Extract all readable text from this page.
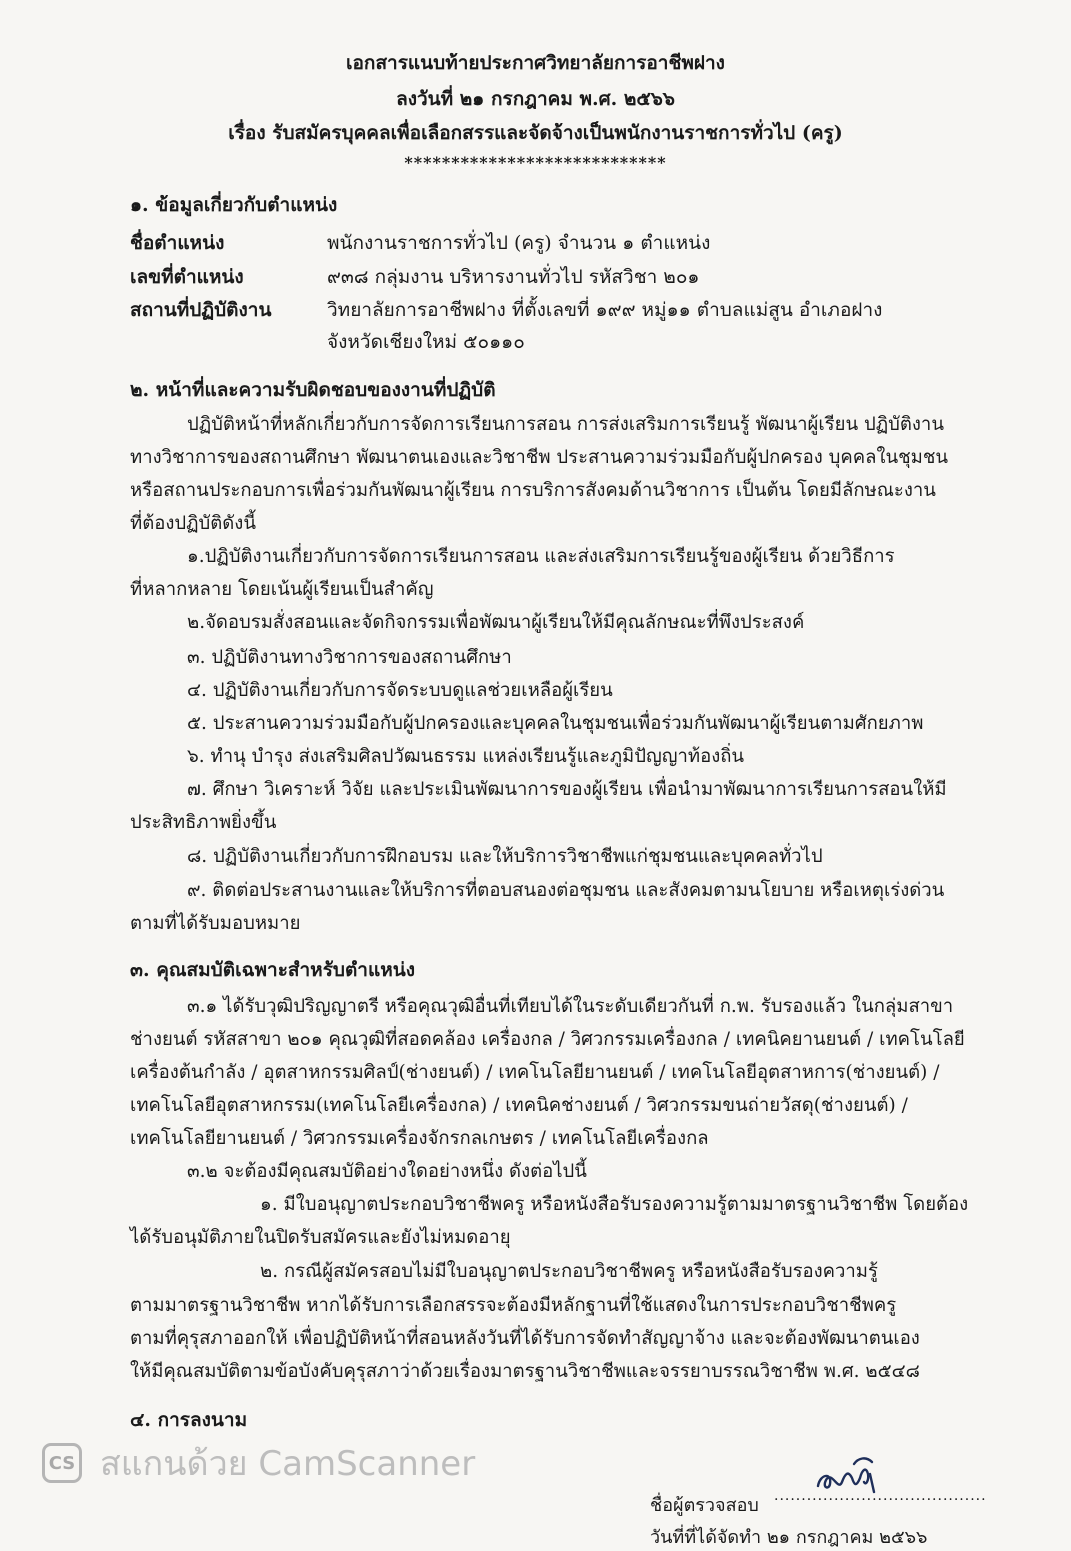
เอกสารแนบท้ายประกาศวิทยาลัยการอาชีพฝาง
ลงวันที่ ๒๑ กรกฎาคม พ.ศ. ๒๕๖๖
เรื่อง รับสมัครบุคคลเพื่อเลือกสรรและจัดจ้างเป็นพนักงานราชการทั่วไป (ครู)
****************************
๑. ข้อมูลเกี่ยวกับตำแหน่ง
ชื่อตำแหน่ง	พนักงานราชการทั่วไป (ครู) จำนวน ๑ ตำแหน่ง
เลขที่ตำแหน่ง	๙๓๘ กลุ่มงาน บริหารงานทั่วไป รหัสวิชา ๒๐๑
สถานที่ปฏิบัติงาน	วิทยาลัยการอาชีพฝาง ที่ตั้งเลขที่ ๑๙๙ หมู่๑๑ ตำบลแม่สูน อำเภอฝาง
จังหวัดเชียงใหม่ ๕๐๑๑๐
๒. หน้าที่และความรับผิดชอบของงานที่ปฏิบัติ
ปฏิบัติหน้าที่หลักเกี่ยวกับการจัดการเรียนการสอน การส่งเสริมการเรียนรู้ พัฒนาผู้เรียน ปฏิบัติงาน
ทางวิชาการของสถานศึกษา พัฒนาตนเองและวิชาชีพ ประสานความร่วมมือกับผู้ปกครอง บุคคลในชุมชน
หรือสถานประกอบการเพื่อร่วมกันพัฒนาผู้เรียน การบริการสังคมด้านวิชาการ เป็นต้น โดยมีลักษณะงาน
ที่ต้องปฏิบัติดังนี้
๑.ปฏิบัติงานเกี่ยวกับการจัดการเรียนการสอน และส่งเสริมการเรียนรู้ของผู้เรียน ด้วยวิธีการ
ที่หลากหลาย โดยเน้นผู้เรียนเป็นสำคัญ
๒.จัดอบรมสั่งสอนและจัดกิจกรรมเพื่อพัฒนาผู้เรียนให้มีคุณลักษณะที่พึงประสงค์
๓. ปฏิบัติงานทางวิชาการของสถานศึกษา
๔. ปฏิบัติงานเกี่ยวกับการจัดระบบดูแลช่วยเหลือผู้เรียน
๕. ประสานความร่วมมือกับผู้ปกครองและบุคคลในชุมชนเพื่อร่วมกันพัฒนาผู้เรียนตามศักยภาพ
๖. ทำนุ บำรุง ส่งเสริมศิลปวัฒนธรรม แหล่งเรียนรู้และภูมิปัญญาท้องถิ่น
๗. ศึกษา วิเคราะห์ วิจัย และประเมินพัฒนาการของผู้เรียน เพื่อนำมาพัฒนาการเรียนการสอนให้มี
ประสิทธิภาพยิ่งขึ้น
๘. ปฏิบัติงานเกี่ยวกับการฝึกอบรม และให้บริการวิชาชีพแก่ชุมชนและบุคคลทั่วไป
๙. ติดต่อประสานงานและให้บริการที่ตอบสนองต่อชุมชน และสังคมตามนโยบาย หรือเหตุเร่งด่วน
ตามที่ได้รับมอบหมาย
๓. คุณสมบัติเฉพาะสำหรับตำแหน่ง
๓.๑ ได้รับวุฒิปริญญาตรี หรือคุณวุฒิอื่นที่เทียบได้ในระดับเดียวกันที่ ก.พ. รับรองแล้ว ในกลุ่มสาขา
ช่างยนต์ รหัสสาขา ๒๐๑ คุณวุฒิที่สอดคล้อง เครื่องกล / วิศวกรรมเครื่องกล / เทคนิคยานยนต์ / เทคโนโลยี
เครื่องต้นกำลัง / อุตสาหกรรมศิลป์(ช่างยนต์) / เทคโนโลยียานยนต์ / เทคโนโลยีอุตสาหการ(ช่างยนต์) /
เทคโนโลยีอุตสาหกรรม(เทคโนโลยีเครื่องกล) / เทคนิคช่างยนต์ / วิศวกรรมขนถ่ายวัสดุ(ช่างยนต์) /
เทคโนโลยียานยนต์ / วิศวกรรมเครื่องจักรกลเกษตร / เทคโนโลยีเครื่องกล
๓.๒ จะต้องมีคุณสมบัติอย่างใดอย่างหนึ่ง ดังต่อไปนี้
๑. มีใบอนุญาตประกอบวิชาชีพครู หรือหนังสือรับรองความรู้ตามมาตรฐานวิชาชีพ โดยต้อง
ได้รับอนุมัติภายในปิดรับสมัครและยังไม่หมดอายุ
๒. กรณีผู้สมัครสอบไม่มีใบอนุญาตประกอบวิชาชีพครู หรือหนังสือรับรองความรู้
ตามมาตรฐานวิชาชีพ หากได้รับการเลือกสรรจะต้องมีหลักฐานที่ใช้แสดงในการประกอบวิชาชีพครู
ตามที่คุรุสภาออกให้ เพื่อปฏิบัติหน้าที่สอนหลังวันที่ได้รับการจัดทำสัญญาจ้าง และจะต้องพัฒนาตนเอง
ให้มีคุณสมบัติตามข้อบังคับคุรุสภาว่าด้วยเรื่องมาตรฐานวิชาชีพและจรรยาบรรณวิชาชีพ พ.ศ. ๒๕๔๘
๔. การลงนาม
ชื่อผู้ตรวจสอบ .......................................
วันที่ที่ได้จัดทำ ๒๑ กรกฎาคม ๒๕๖๖
CS สแกนด้วย CamScanner
